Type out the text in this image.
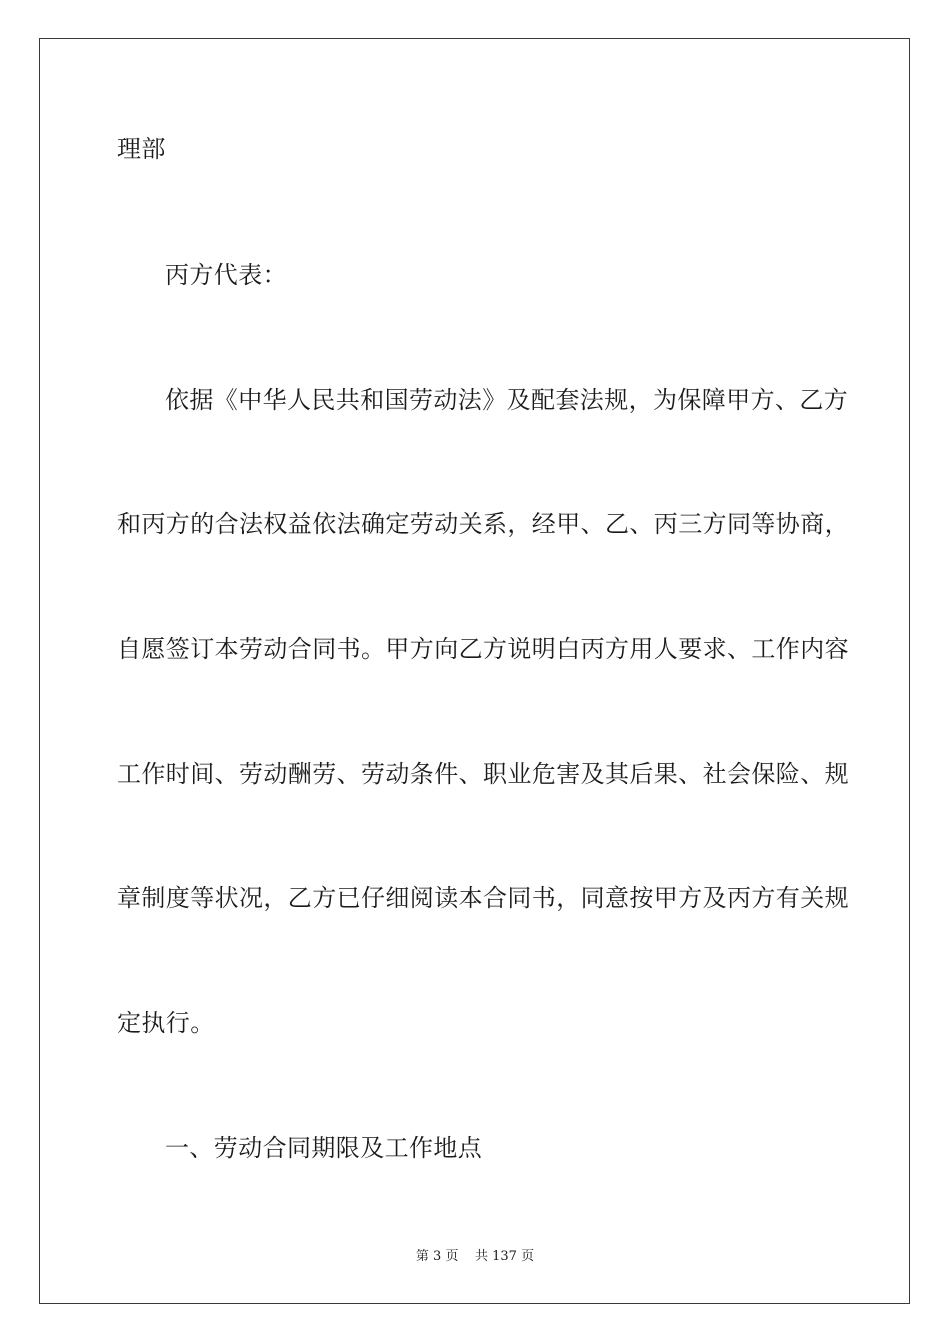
理部
丙方代表：
依据《中华人民共和国劳动法》及配套法规，为保障甲方、乙方
和丙方的合法权益依法确定劳动关系，经甲、乙、丙三方同等协商，
自愿签订本劳动合同书。甲方向乙方说明白丙方用人要求、工作内容
工作时间、劳动酬劳、劳动条件、职业危害及其后果、社会保险、规
章制度等状况，乙方已仔细阅读本合同书，同意按甲方及丙方有关规
定执行。
一、劳动合同期限及工作地点
第 3 页 共 137 页
